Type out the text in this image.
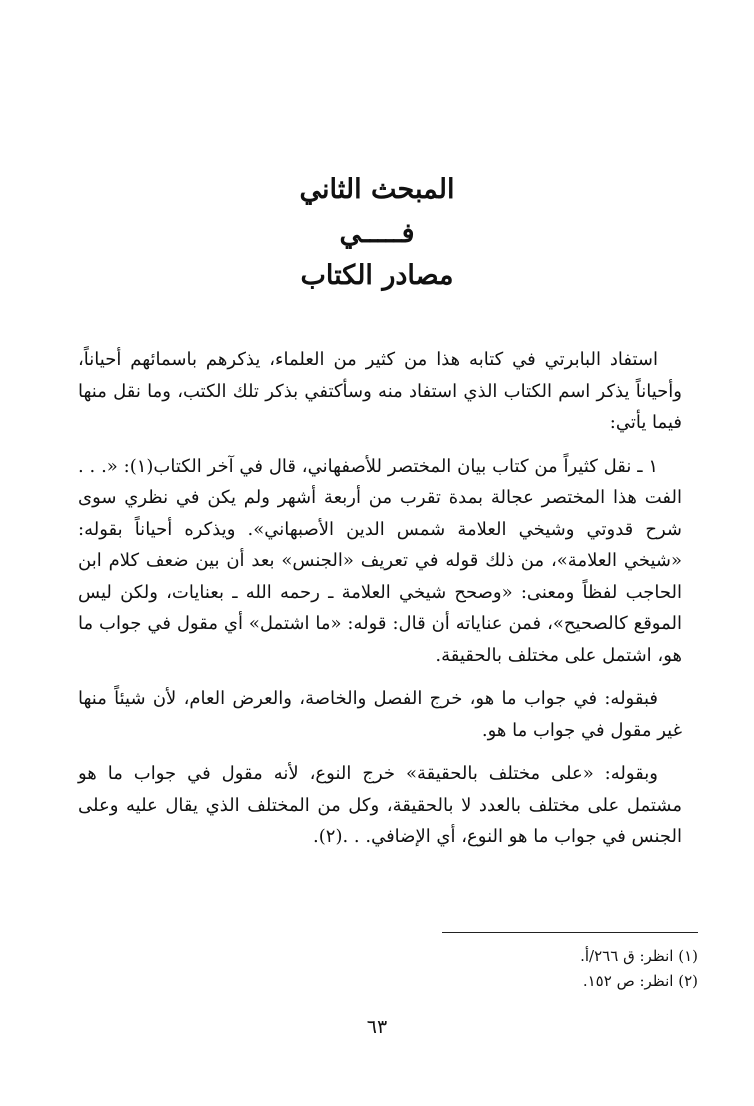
المبحث الثاني
فـــــي
مصادر الكتاب

استفاد البابرتي في كتابه هذا من كثير من العلماء، يذكرهم باسمائهم أحياناً، وأحياناً يذكر اسم الكتاب الذي استفاد منه وسأكتفي بذكر تلك الكتب، وما نقل منها فيما يأتي:

١ ـ نقل كثيراً من كتاب بيان المختصر للأصفهاني، قال في آخر الكتاب(١): «. . . الفت هذا المختصر عجالة بمدة تقرب من أربعة أشهر ولم يكن في نظري سوى شرح قدوتي وشيخي العلامة شمس الدين الأصبهاني». ويذكره أحياناً بقوله: «شيخي العلامة»، من ذلك قوله في تعريف «الجنس» بعد أن بين ضعف كلام ابن الحاجب لفظاً ومعنى: «وصحح شيخي العلامة ـ رحمه الله ـ بعنايات، ولكن ليس الموقع كالصحيح»، فمن عناياته أن قال: قوله: «ما اشتمل» أي مقول في جواب ما هو، اشتمل على مختلف بالحقيقة.

فبقوله: في جواب ما هو، خرج الفصل والخاصة، والعرض العام، لأن شيئاً منها غير مقول في جواب ما هو.

وبقوله: «على مختلف بالحقيقة» خرج النوع، لأنه مقول في جواب ما هو مشتمل على مختلف بالعدد لا بالحقيقة، وكل من المختلف الذي يقال عليه وعلى الجنس في جواب ما هو النوع، أي الإضافي. . .(٢).

(١) انظر: ق ٢٦٦/أ.
(٢) انظر: ص ١٥٢.
٦٣
